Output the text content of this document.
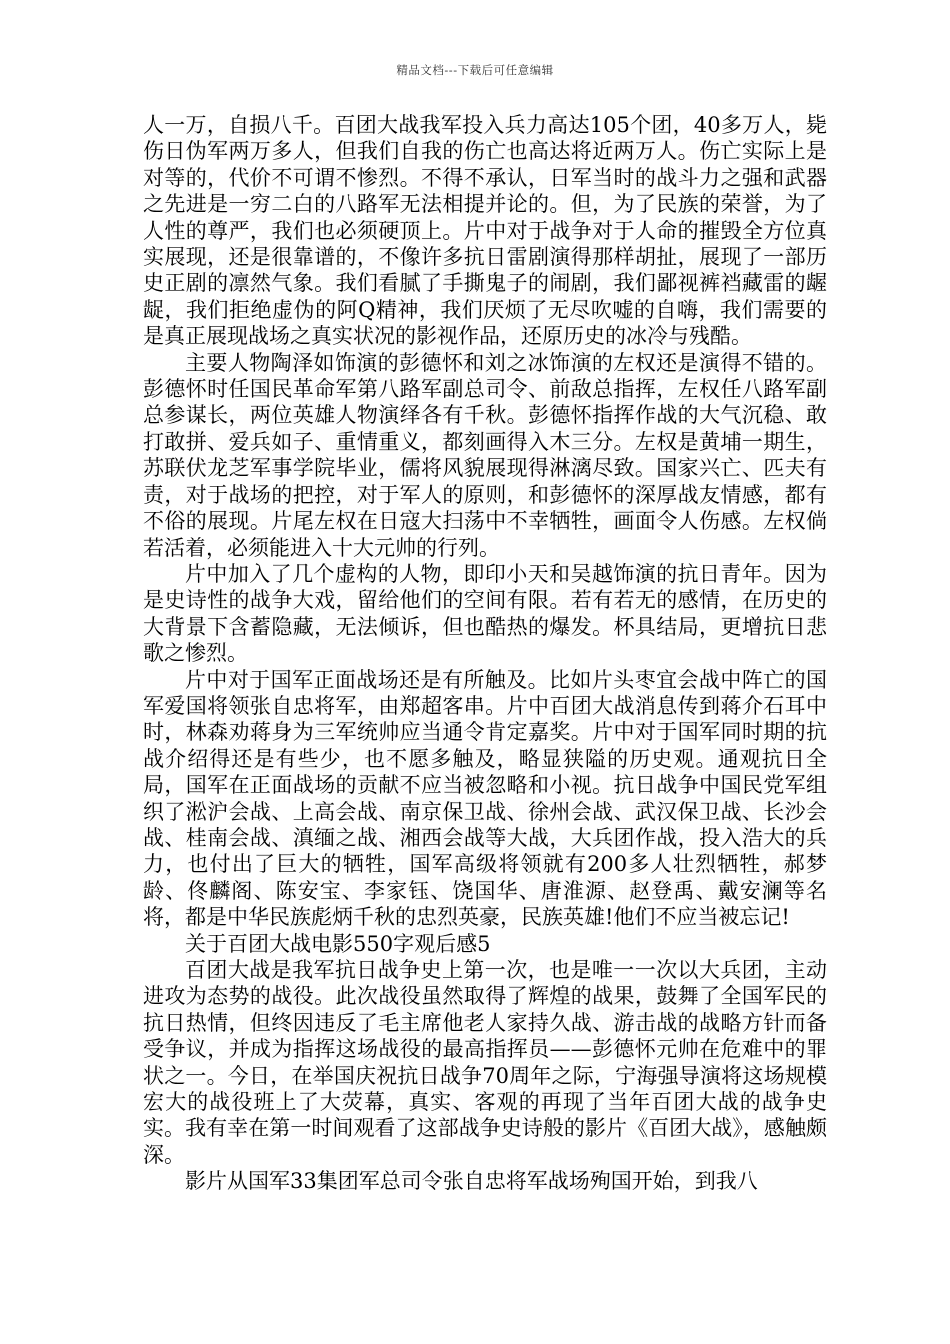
精品文档---下载后可任意编辑

人一万，自损八千。百团大战我军投入兵力高达105个团，40多万人，毙伤日伪军两万多人，但我们自我的伤亡也高达将近两万人。伤亡实际上是对等的，代价不可谓不惨烈。不得不承认，日军当时的战斗力之强和武器之先进是一穷二白的八路军无法相提并论的。但，为了民族的荣誉，为了人性的尊严，我们也必须硬顶上。片中对于战争对于人命的摧毁全方位真实展现，还是很靠谱的，不像许多抗日雷剧演得那样胡扯，展现了一部历史正剧的凛然气象。我们看腻了手撕鬼子的闹剧，我们鄙视裤裆藏雷的龌龊，我们拒绝虚伪的阿Q精神，我们厌烦了无尽吹嘘的自嗨，我们需要的是真正展现战场之真实状况的影视作品，还原历史的冰冷与残酷。

主要人物陶泽如饰演的彭德怀和刘之冰饰演的左权还是演得不错的。彭德怀时任国民革命军第八路军副总司令、前敌总指挥，左权任八路军副总参谋长，两位英雄人物演绎各有千秋。彭德怀指挥作战的大气沉稳、敢打敢拼、爱兵如子、重情重义，都刻画得入木三分。左权是黄埔一期生，苏联伏龙芝军事学院毕业，儒将风貌展现得淋漓尽致。国家兴亡、匹夫有责，对于战场的把控，对于军人的原则，和彭德怀的深厚战友情感，都有不俗的展现。片尾左权在日寇大扫荡中不幸牺牲，画面令人伤感。左权倘若活着，必须能进入十大元帅的行列。

片中加入了几个虚构的人物，即印小天和吴越饰演的抗日青年。因为是史诗性的战争大戏，留给他们的空间有限。若有若无的感情，在历史的大背景下含蓄隐藏，无法倾诉，但也酷热的爆发。杯具结局，更增抗日悲歌之惨烈。

片中对于国军正面战场还是有所触及。比如片头枣宜会战中阵亡的国军爱国将领张自忠将军，由郑超客串。片中百团大战消息传到蒋介石耳中时，林森劝蒋身为三军统帅应当通令肯定嘉奖。片中对于国军同时期的抗战介绍得还是有些少，也不愿多触及，略显狭隘的历史观。通观抗日全局，国军在正面战场的贡献不应当被忽略和小视。抗日战争中国民党军组织了淞沪会战、上高会战、南京保卫战、徐州会战、武汉保卫战、长沙会战、桂南会战、滇缅之战、湘西会战等大战，大兵团作战，投入浩大的兵力，也付出了巨大的牺牲，国军高级将领就有200多人壮烈牺牲，郝梦龄、佟麟阁、陈安宝、李家钰、饶国华、唐淮源、赵登禹、戴安澜等名将，都是中华民族彪炳千秋的忠烈英豪，民族英雄!他们不应当被忘记!

关于百团大战电影550字观后感5

百团大战是我军抗日战争史上第一次，也是唯一一次以大兵团，主动进攻为态势的战役。此次战役虽然取得了辉煌的战果，鼓舞了全国军民的抗日热情，但终因违反了毛主席他老人家持久战、游击战的战略方针而备受争议，并成为指挥这场战役的最高指挥员——彭德怀元帅在危难中的罪状之一。今日，在举国庆祝抗日战争70周年之际，宁海强导演将这场规模宏大的战役班上了大荧幕，真实、客观的再现了当年百团大战的战争史实。我有幸在第一时间观看了这部战争史诗般的影片《百团大战》，感触颇深。

影片从国军33集团军总司令张自忠将军战场殉国开始，到我八
